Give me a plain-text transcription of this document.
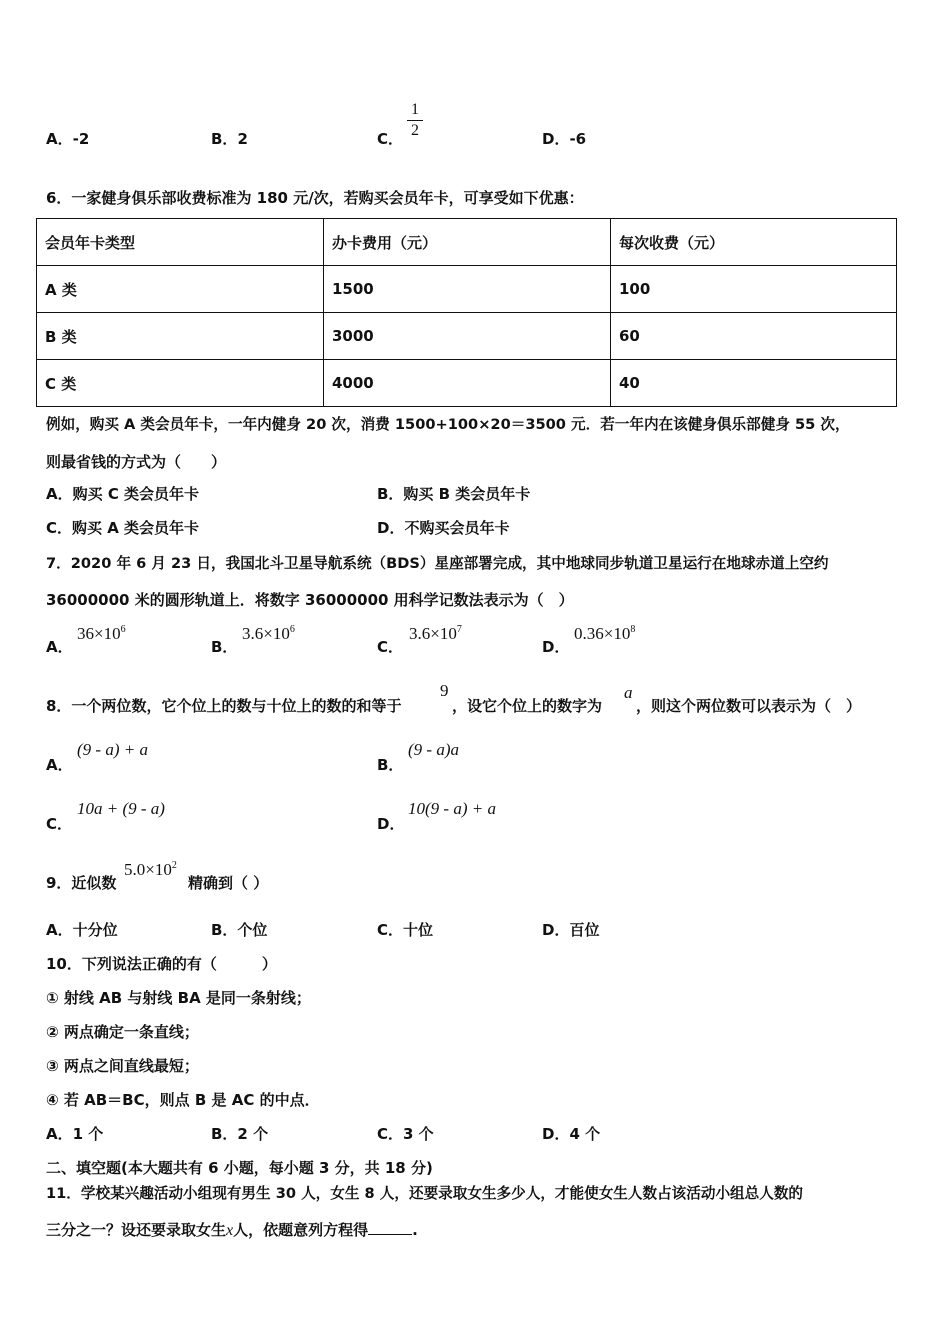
A．-2	B．2	C．
1
2	D．-6
6．一家健身俱乐部收费标准为 180 元/次，若购买会员年卡，可享受如下优惠：
会员年卡类型	办卡费用（元）	每次收费（元）
A 类	1500	100
B 类	3000	60
C 类	4000	40
例如，购买 A 类会员年卡，一年内健身 20 次，消费 1500+100×20＝3500 元．若一年内在该健身俱乐部健身 55 次，
则最省钱的方式为（　　）
A．购买 C 类会员年卡	B．购买 B 类会员年卡
C．购买 A 类会员年卡	D．不购买会员年卡
7．2020 年 6 月 23 日，我国北斗卫星导航系统（BDS）星座部署完成，其中地球同步轨道卫星运行在地球赤道上空约
36000000 米的圆形轨道上．将数字 36000000 用科学记数法表示为（　）
A．
$36\times 10^6$
B．
$3.6\times 10^6$
C．
$3.6\times 10^7$
D．
$0.36\times 10^8$
8．一个两位数，它个位上的数与十位上的数的和等于
9
，设它个位上的数字为
a
，则这个两位数可以表示为（　）
A．
(9 - a) + a
B．
(9 - a)a
C．
10a + (9 - a)
D．
10(9 - a) + a
9．近似数
$5.0\times 10^2$
精确到（ ）
A．十分位	B．个位	C．十位	D．百位
10．下列说法正确的有（　　　）
① 射线 AB 与射线 BA 是同一条射线；
② 两点确定一条直线；
③ 两点之间直线最短；
④ 若 AB＝BC，则点 B 是 AC 的中点．
A．1 个	B．2 个	C．3 个	D．4 个
二、填空题(本大题共有 6 小题，每小题 3 分，共 18 分)
11．学校某兴趣活动小组现有男生 30 人，女生 8 人，还要录取女生多少人，才能使女生人数占该活动小组总人数的
三分之一？设还要录取女生x人，依题意列方程得	.
